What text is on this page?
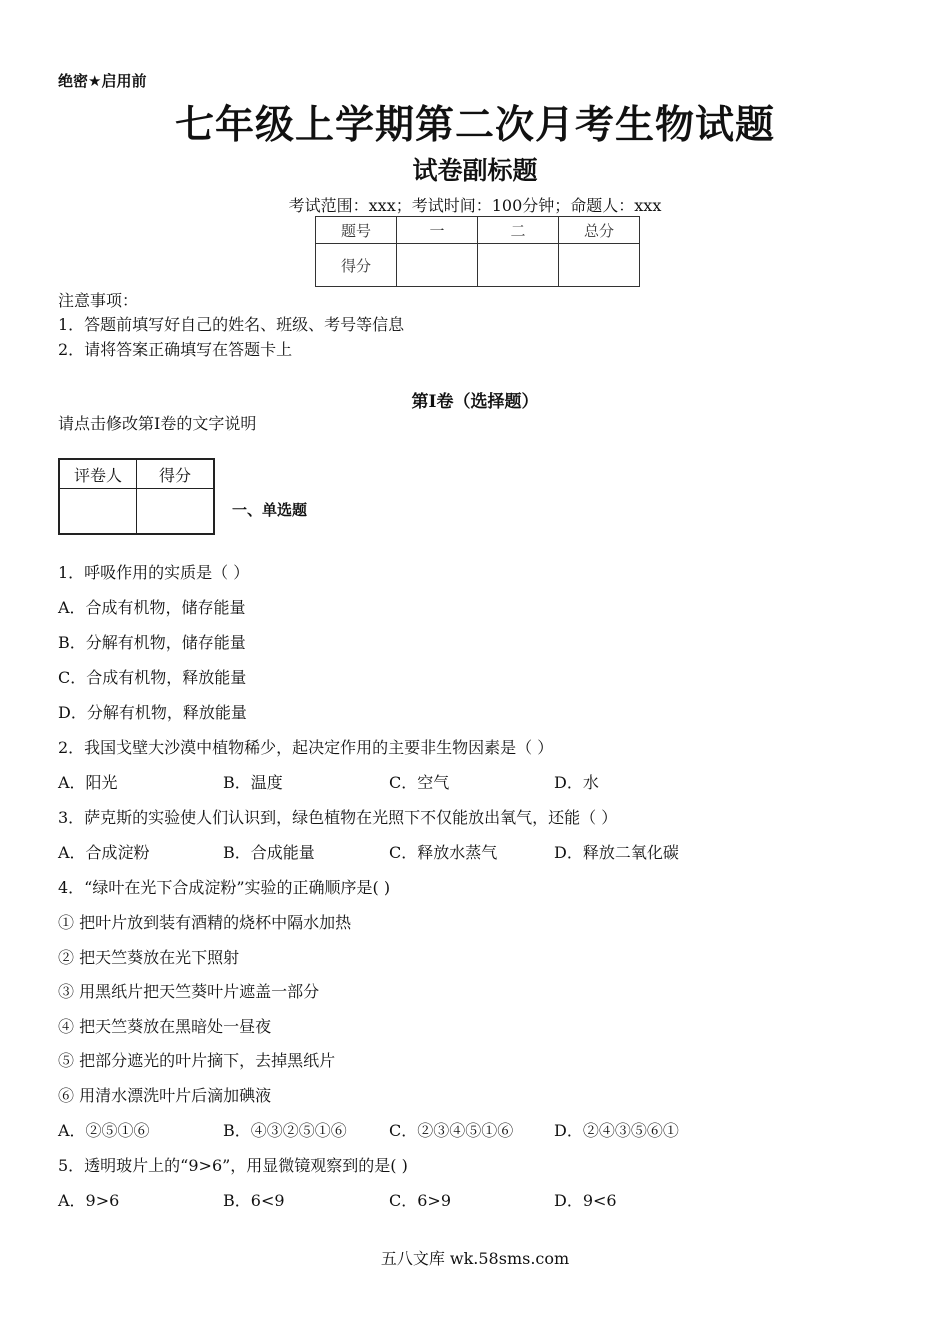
绝密★启用前
七年级上学期第二次月考生物试题
试卷副标题
考试范围：xxx；考试时间：100分钟；命题人：xxx
题号	一	二	总分
得分			
注意事项：
1．答题前填写好自己的姓名、班级、考号等信息
2．请将答案正确填写在答题卡上
第I卷（选择题）
请点击修改第I卷的文字说明
评卷人	得分

一、单选题
1．呼吸作用的实质是（ ）
A．合成有机物，储存能量
B．分解有机物，储存能量
C．合成有机物，释放能量
D．分解有机物，释放能量
2．我国戈壁大沙漠中植物稀少，起决定作用的主要非生物因素是（ ）
A．阳光	B．温度	C．空气	D．水
3．萨克斯的实验使人们认识到，绿色植物在光照下不仅能放出氧气，还能（ ）
A．合成淀粉	B．合成能量	C．释放水蒸气	D．释放二氧化碳
4．“绿叶在光下合成淀粉”实验的正确顺序是( )
① 把叶片放到装有酒精的烧杯中隔水加热
② 把天竺葵放在光下照射
③ 用黑纸片把天竺葵叶片遮盖一部分
④ 把天竺葵放在黑暗处一昼夜
⑤ 把部分遮光的叶片摘下，去掉黑纸片
⑥ 用清水漂洗叶片后滴加碘液
A．②⑤①⑥	B．④③②⑤①⑥	C．②③④⑤①⑥	D．②④③⑤⑥①
5．透明玻片上的“9>6”，用显微镜观察到的是( )
A．9>6	B．6<9	C．6>9	D．9<6
五八文库 wk.58sms.com
